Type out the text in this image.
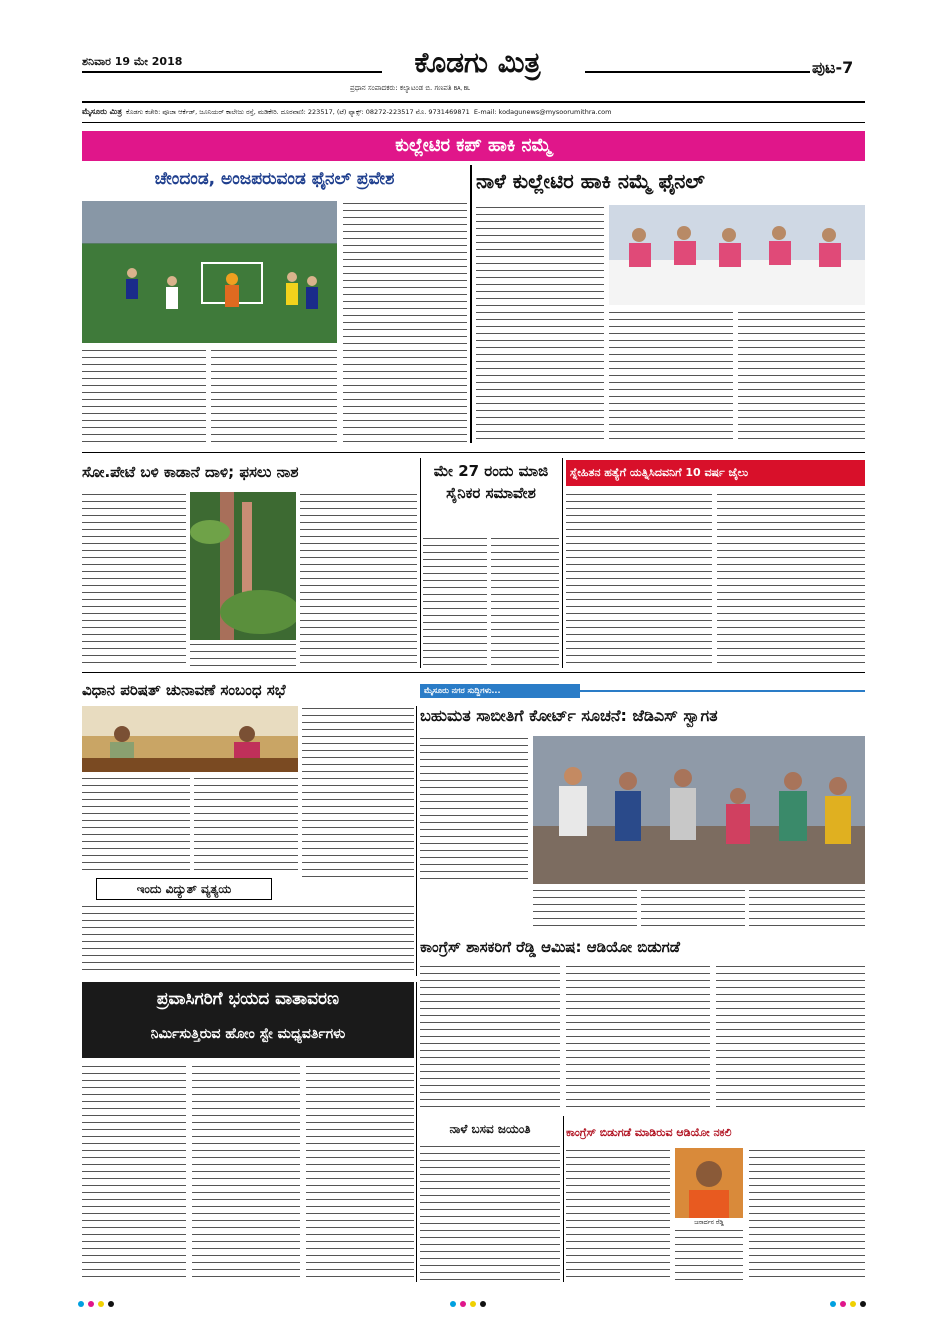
ಶನಿವಾರ 19 ಮೇ 2018	ಕೊಡಗು ಮಿತ್ರ
ಪ್ರಧಾನ ಸಂಪಾದಕರು: ಕಲ್ಯಾಟಂಡ ಬಿ. ಗಣಪತಿ BA, BL
ಪುಟ-7
ಮೈಸೂರು ಮಿತ್ರ ಕೊಡಗು ಕಚೇರಿ: ಪೂಜಾ ಆರ್ಕೆಡ್, ಜೂನಿಯರ್ ಕಾಲೇಜು ರಸ್ತೆ, ಮಡಿಕೇರಿ. ದೂರವಾಣಿ: 223517, (ಟೆ) ಫ್ಯಾಕ್ಸ್: 08272-223517 ಮೊ. 9731469871 E-mail: kodagunews@mysoorumithra.com
ಕುಲ್ಲೇಟಿರ ಕಪ್ ಹಾಕಿ ನಮ್ಮೆ
ಚೇಂದಂಡ, ಅಂಜಪರುವಂಡ ಫೈನಲ್ ಪ್ರವೇಶ	ನಾಳೆ ಕುಲ್ಲೇಟಿರ ಹಾಕಿ ನಮ್ಮೆ ಫೈನಲ್
ಸೋ.ಪೇಟೆ ಬಳಿ ಕಾಡಾನೆ ದಾಳಿ; ಫಸಲು ನಾಶ	ಮೇ 27 ರಂದು ಮಾಜಿ ಸೈನಿಕರ ಸಮಾವೇಶ
ಸ್ನೇಹಿತನ ಹತ್ಯೆಗೆ ಯತ್ನಿಸಿದವನಿಗೆ 10 ವರ್ಷ ಜೈಲು
ವಿಧಾನ ಪರಿಷತ್ ಚುನಾವಣೆ ಸಂಬಂಧ ಸಭೆ	ಮೈಸೂರು ನಗರ ಸುದ್ದಿಗಳು...
ಬಹುಮತ ಸಾಬೀತಿಗೆ ಕೋರ್ಟ್ ಸೂಚನೆ: ಜೆಡಿಎಸ್ ಸ್ವಾಗತ
ಇಂದು ವಿದ್ಯುತ್ ವ್ಯತ್ಯಯ
ಕಾಂಗ್ರೆಸ್ ಶಾಸಕರಿಗೆ ರೆಡ್ಡಿ ಆಮಿಷ: ಆಡಿಯೋ ಬಿಡುಗಡೆ
ಪ್ರವಾಸಿಗರಿಗೆ ಭಯದ ವಾತಾವರಣ
ನಿರ್ಮಿಸುತ್ತಿರುವ ಹೋಂ ಸ್ಟೇ ಮಧ್ಯವರ್ತಿಗಳು
ನಾಳೆ ಬಸವ ಜಯಂತಿ	ಕಾಂಗ್ರೆಸ್ ಬಿಡುಗಡೆ ಮಾಡಿರುವ ಆಡಿಯೋ ನಕಲಿ
ಜನಾರ್ದನ ರೆಡ್ಡಿ
